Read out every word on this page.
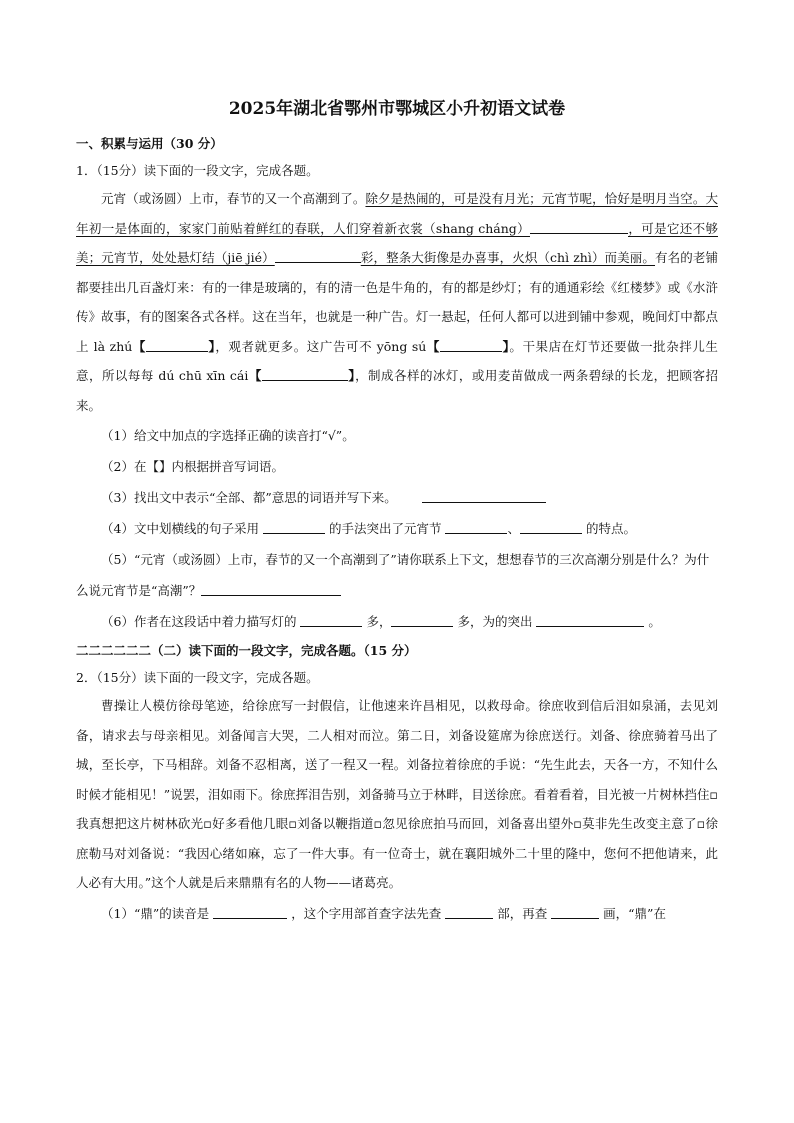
2025年湖北省鄂州市鄂城区小升初语文试卷
一、积累与运用（30 分）
1．（15分）读下面的一段文字，完成各题。

元宵（或汤圆）上市，春节的又一个高潮到了。除夕是热闹的，可是没有月光；元宵节呢，恰好是明月当空。大年初一是体面的，家家门前贴着鲜红的春联，人们穿着新衣裳（shang cháng）	，可是它还不够美；元宵节，处处悬灯结（jiē jié）	彩，整条大街像是办喜事，火炽（chì zhì）而美丽。有名的老铺都要挂出几百盏灯来：有的一律是玻璃的，有的清一色是牛角的，有的都是纱灯；有的通通彩绘《红楼梦》或《水浒传》故事，有的图案各式各样。这在当年，也就是一种广告。灯一悬起，任何人都可以进到铺中参观，晚间灯中都点上 là zhú【	】，观者就更多。这广告可不 yōng sú【	】。干果店在灯节还要做一批杂拌儿生意，所以每每 dú chū xīn cái【	】，制成各样的冰灯，或用麦苗做成一两条碧绿的长龙，把顾客招来。

（1）给文中加点的字选择正确的读音打“√”。

（2）在【】内根据拼音写词语。

（3）找出文中表示“全部、都”意思的词语并写下来。  

（4）文中划横线的句子采用	的手法突出了元宵节	、	的特点。

（5）“元宵（或汤圆）上市，春节的又一个高潮到了”请你联系上下文，想想春节的三次高潮分别是什么？为什么说元宵节是“高潮”？

（6）作者在这段话中着力描写灯的	多，	多，为的突出	。

二二二二二二（二）读下面的一段文字，完成各题。（15 分）
2．（15分）读下面的一段文字，完成各题。

曹操让人模仿徐母笔迹，给徐庶写一封假信，让他速来许昌相见，以救母命。徐庶收到信后泪如泉涌，去见刘备，请求去与母亲相见。刘备闻言大哭，二人相对而泣。第二日，刘备设筵席为徐庶送行。刘备、徐庶骑着马出了城，至长亭，下马相辞。刘备不忍相离，送了一程又一程。刘备拉着徐庶的手说：“先生此去，天各一方，不知什么时候才能相见！”说罢，泪如雨下。徐庶挥泪告别，刘备骑马立于林畔，目送徐庶。看着看着，目光被一片树林挡住▫我真想把这片树林砍光▫好多看他几眼▫刘备以鞭指道▫忽见徐庶拍马而回，刘备喜出望外▫莫非先生改变主意了▫徐庶勒马对刘备说：“我因心绪如麻，忘了一件大事。有一位奇士，就在襄阳城外二十里的隆中，您何不把他请来，此人必有大用。”这个人就是后来鼎鼎有名的人物——诸葛亮。

（1）“鼎”的读音是	，这个字用部首查字法先查	部，再查	画，“鼎”在
